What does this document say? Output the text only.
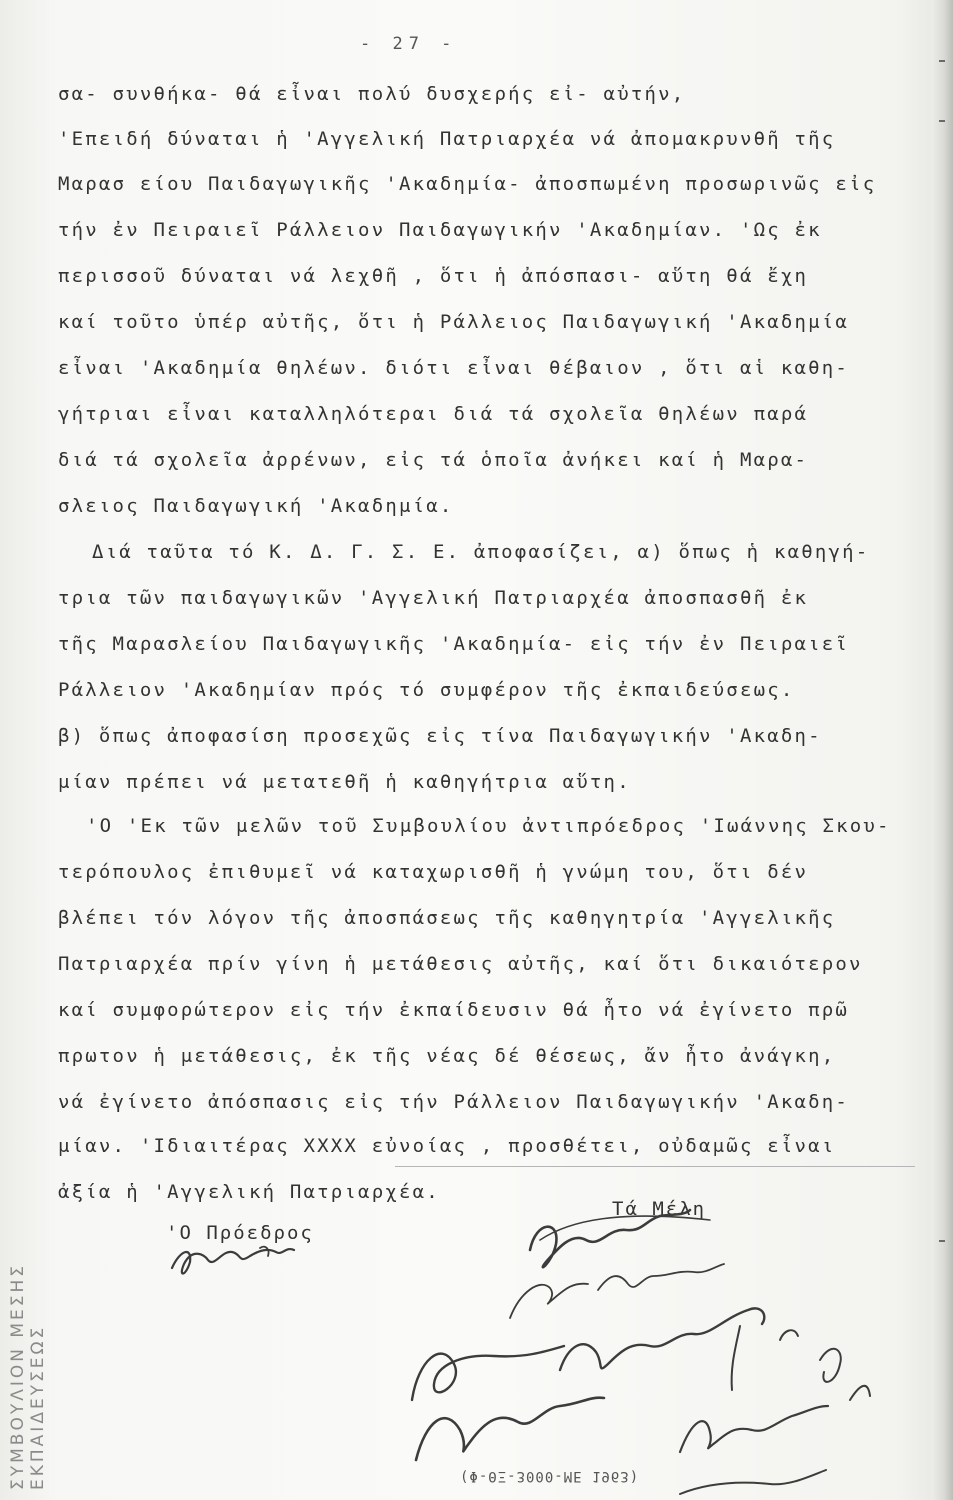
ΣΥΜΒΟΥΛΙΟΝ ΜΕΣΗΣ ΕΚΠΑΙΔΕΥΣΕΩΣ
- 27 -
σα- συνθήκα- θά εἶναι πολύ δυσχερής εἰ- αὐτήν,
'Επειδή δύναται ἡ 'Αγγελική Πατριαρχέα νά ἀπομακρυνθῆ τῆς
Μαρασ είου Παιδαγωγικῆς 'Ακαδημία- ἀποσπωμένη προσωρινῶς εἰς
τήν ἐν Πειραιεῖ Ράλλειον Παιδαγωγικήν 'Ακαδημίαν. 'Ως ἐκ
περισσοῦ δύναται νά λεχθῆ , ὅτι ἡ ἀπόσπασι- αὕτη θά ἔχη
καί τοῦτο ὑπέρ αὐτῆς, ὅτι ἡ Ράλλειος Παιδαγωγική 'Ακαδημία
εἶναι 'Ακαδημία θηλέων. διότι εἶναι θέβαιον , ὅτι αἱ καθη-
γήτριαι εἶναι καταλληλότεραι διά τά σχολεῖα θηλέων παρά
διά τά σχολεῖα ἀρρένων, εἰς τά ὁποῖα ἀνήκει καί ἡ Μαρα-
σλειος Παιδαγωγική 'Ακαδημία.
Διά ταῦτα τό Κ. Δ. Γ. Σ. Ε. ἀποφασίζει, α) ὅπως ἡ καθηγή-
τρια τῶν παιδαγωγικῶν 'Αγγελική Πατριαρχέα ἀποσπασθῆ ἐκ
τῆς Μαρασλείου Παιδαγωγικῆς 'Ακαδημία- εἰς τήν ἐν Πειραιεῖ
Ράλλειον 'Ακαδημίαν πρός τό συμφέρον τῆς ἐκπαιδεύσεως.
β) ὅπως ἀποφασίση προσεχῶς εἰς τίνα Παιδαγωγικήν 'Ακαδη-
μίαν πρέπει νά μετατεθῆ ἡ καθηγήτρια αὕτη.
'Ο 'Εκ τῶν μελῶν τοῦ Συμβουλίου ἀντιπρόεδρος 'Ιωάννης Σκου-
τερόπουλος ἐπιθυμεῖ νά καταχωρισθῆ ἡ γνώμη του, ὅτι δέν
βλέπει τόν λόγον τῆς ἀποσπάσεως τῆς καθηγητρία 'Αγγελικῆς
Πατριαρχέα πρίν γίνη ἡ μετάθεσις αὐτῆς, καί ὅτι δικαιότερον
καί συμφορώτερον εἰς τήν ἐκπαίδευσιν θά ἦτο νά ἐγίνετο πρῶ
πρωτον ἡ μετάθεσις, ἐκ τῆς νέας δέ θέσεως, ἄν ἦτο ἀνάγκη,
νά ἐγίνετο ἀπόσπασις εἰς τήν Ράλλειον Παιδαγωγικήν 'Ακαδη-
μίαν. 'Ιδιαιτέρας ΧΧΧΧ εὐνοίας , προσθέτει, οὐδαμῶς εἶναι
ἀξία ἡ 'Αγγελική Πατριαρχέα.
'Ο Πρόεδρος
Τά Μέλη
(Φ-ΘΞ-3000-ΜΕ 1963)
